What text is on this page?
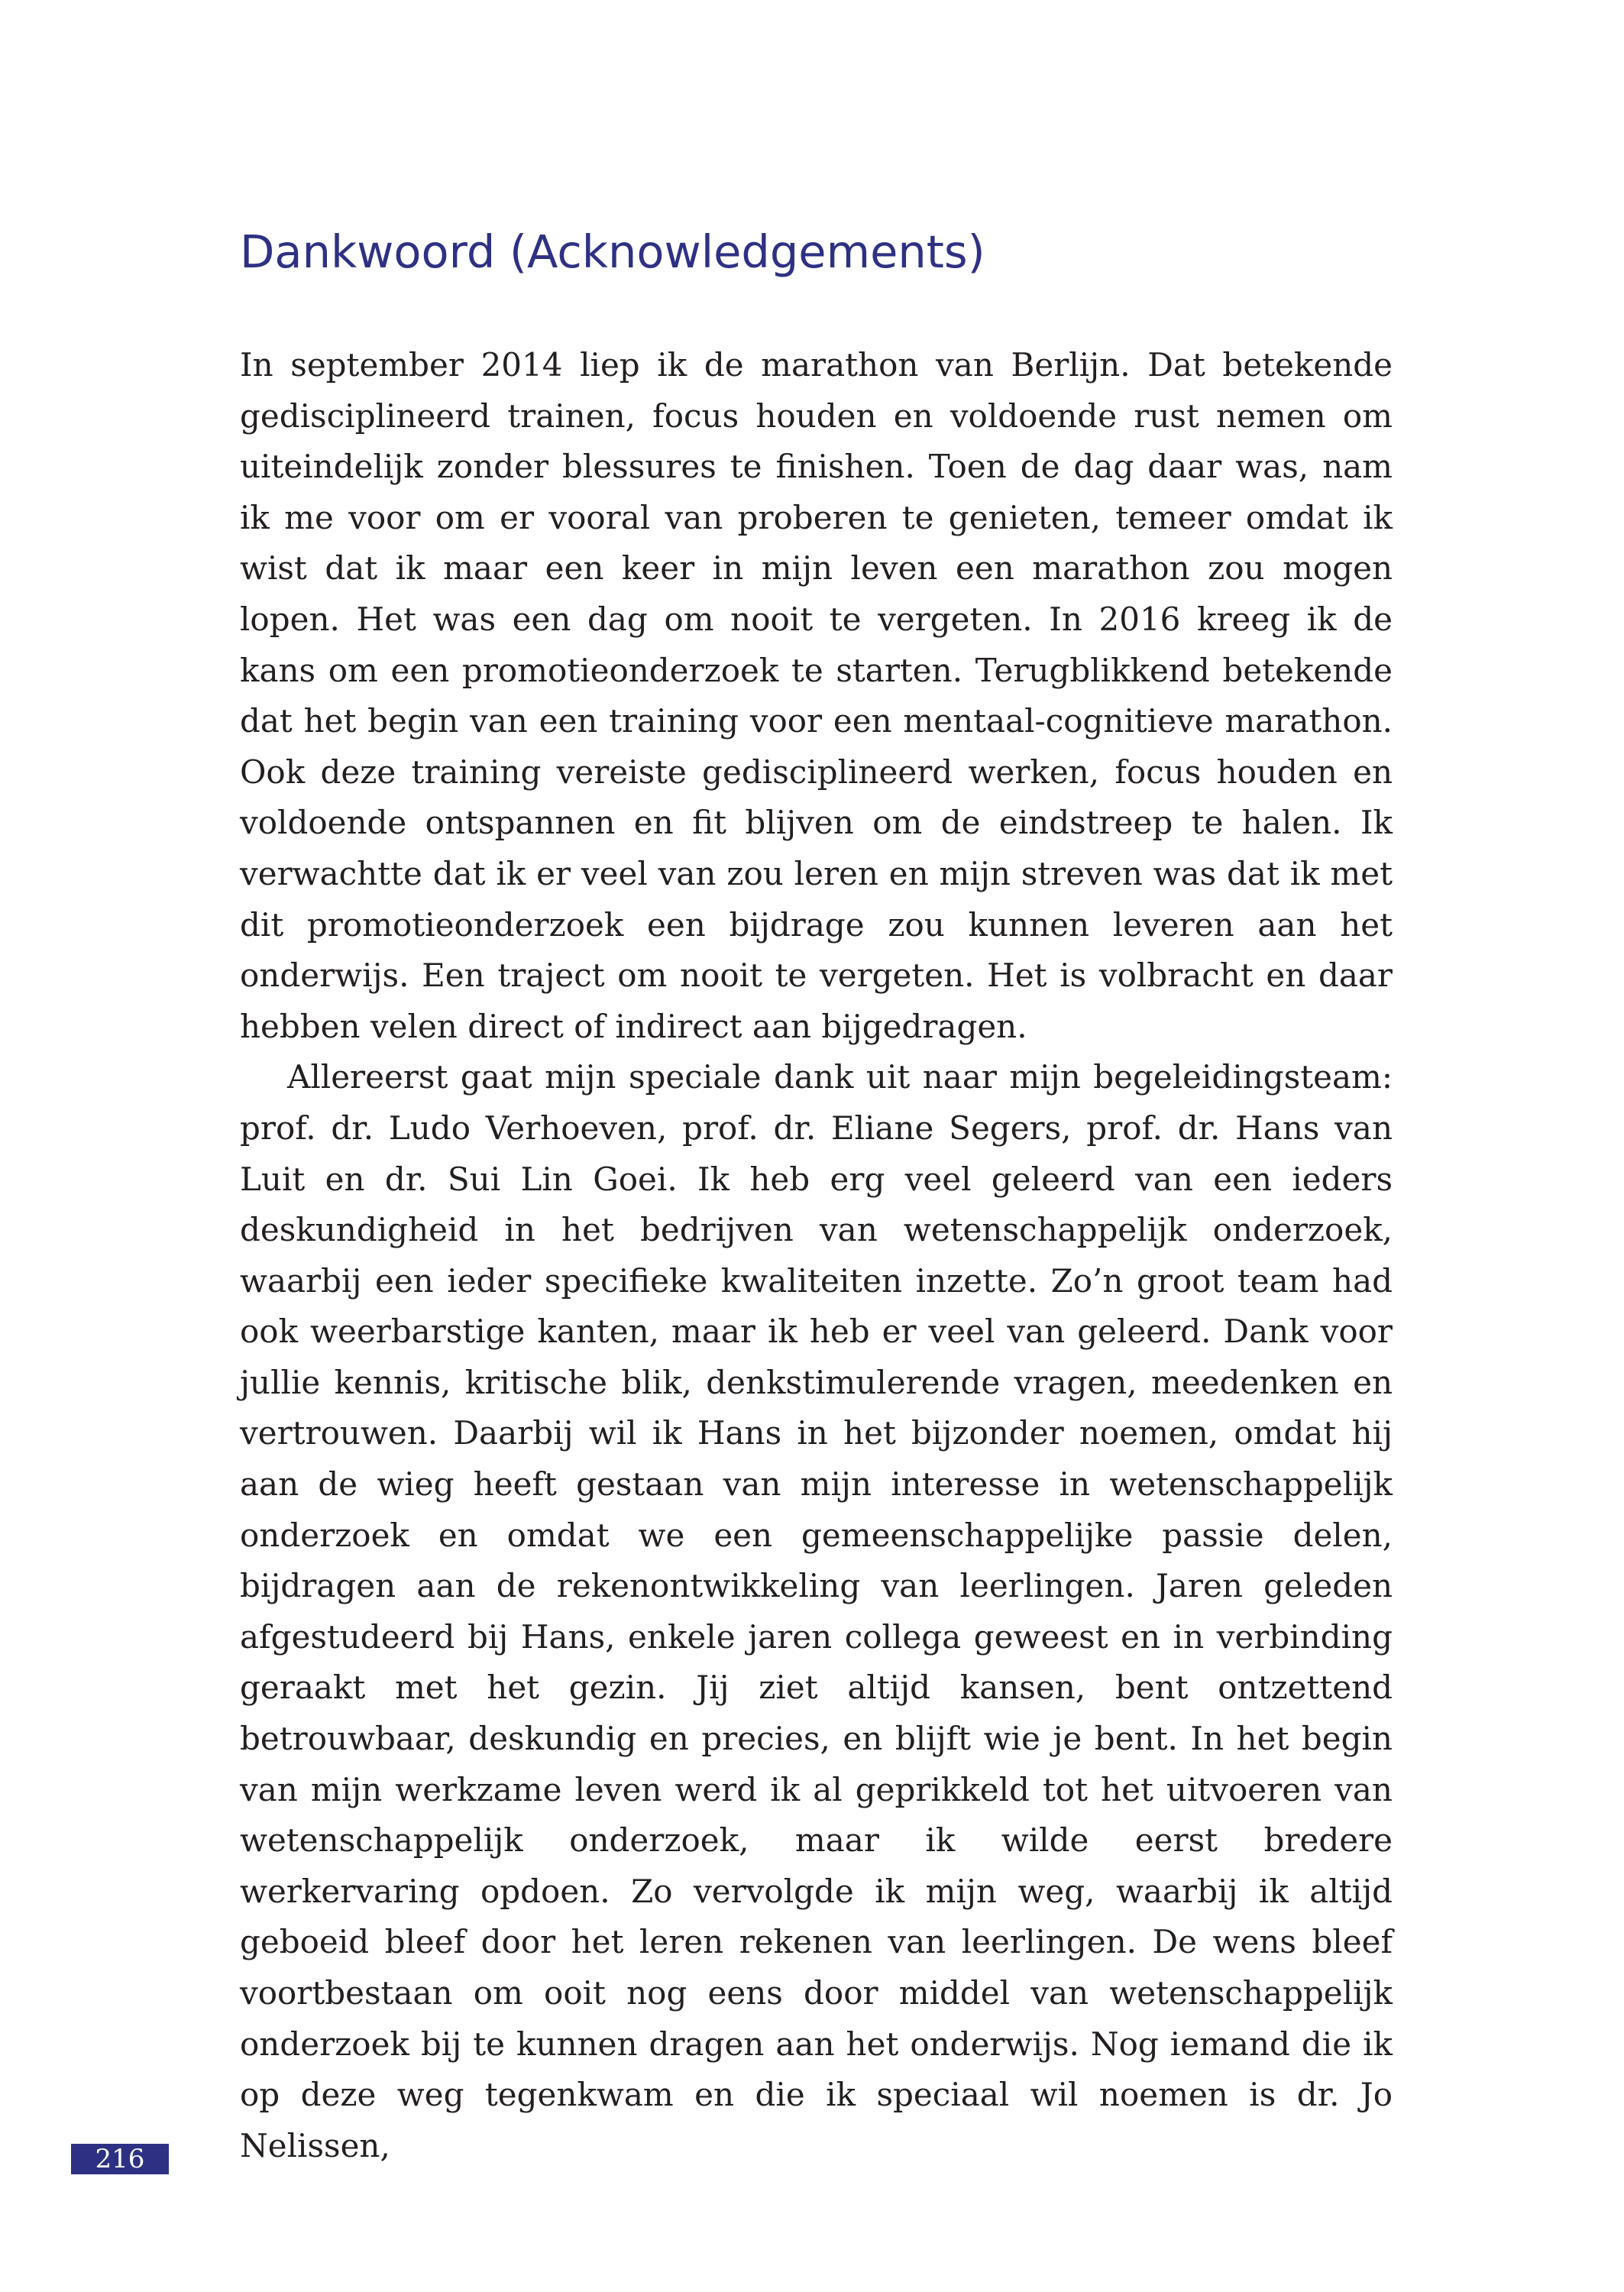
Dankwoord (Acknowledgements)

In september 2014 liep ik de marathon van Berlijn. Dat betekende gedisciplineerd trainen, focus houden en voldoende rust nemen om uiteindelijk zonder blessures te finishen. Toen de dag daar was, nam ik me voor om er vooral van proberen te genieten, temeer omdat ik wist dat ik maar een keer in mijn leven een marathon zou mogen lopen. Het was een dag om nooit te vergeten. In 2016 kreeg ik de kans om een promotieonderzoek te starten. Terugblikkend betekende dat het begin van een training voor een mentaal-cognitieve marathon. Ook deze training vereiste gedisciplineerd werken, focus houden en voldoende ontspannen en fit blijven om de eindstreep te halen. Ik verwachtte dat ik er veel van zou leren en mijn streven was dat ik met dit promotieonderzoek een bijdrage zou kunnen leveren aan het onderwijs. Een traject om nooit te vergeten. Het is volbracht en daar hebben velen direct of indirect aan bijgedragen.

Allereerst gaat mijn speciale dank uit naar mijn begeleidingsteam: prof. dr. Ludo Verhoeven, prof. dr. Eliane Segers, prof. dr. Hans van Luit en dr. Sui Lin Goei. Ik heb erg veel geleerd van een ieders deskundigheid in het bedrijven van wetenschappelijk onderzoek, waarbij een ieder specifieke kwaliteiten inzette. Zo’n groot team had ook weerbarstige kanten, maar ik heb er veel van geleerd. Dank voor jullie kennis, kritische blik, denkstimulerende vragen, meedenken en vertrouwen. Daarbij wil ik Hans in het bijzonder noemen, omdat hij aan de wieg heeft gestaan van mijn interesse in wetenschappelijk onderzoek en omdat we een gemeenschappelijke passie delen, bijdragen aan de rekenontwikkeling van leerlingen. Jaren geleden afgestudeerd bij Hans, enkele jaren collega geweest en in verbinding geraakt met het gezin. Jij ziet altijd kansen, bent ontzettend betrouwbaar, deskundig en precies, en blijft wie je bent. In het begin van mijn werkzame leven werd ik al geprikkeld tot het uitvoeren van wetenschappelijk onderzoek, maar ik wilde eerst bredere werkervaring opdoen. Zo vervolgde ik mijn weg, waarbij ik altijd geboeid bleef door het leren rekenen van leerlingen. De wens bleef voortbestaan om ooit nog eens door middel van wetenschappelijk onderzoek bij te kunnen dragen aan het onderwijs. Nog iemand die ik op deze weg tegenkwam en die ik speciaal wil noemen is dr. Jo Nelissen,

216
